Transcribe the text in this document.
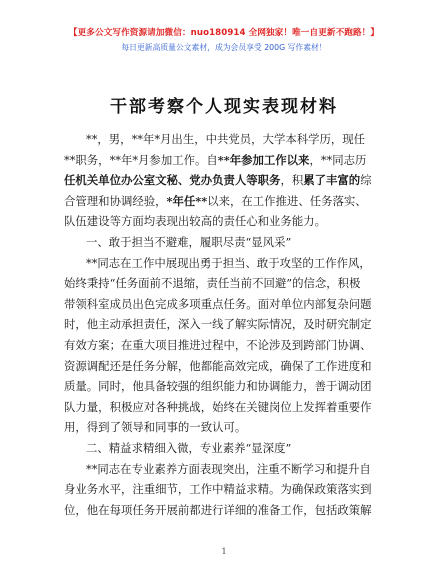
【更多公文写作资源请加微信：nuo180914 全网独家！唯一自更新不跑路！】
每日更新高质量公文素材，成为会员享受 200G 写作素材！
干部考察个人现实表现材料
**，男，**年*月出生，中共党员，大学本科学历，现任
**职务，**年*月参加工作。自**年参加工作以来，**同志历
任机关单位办公室文秘、党办负责人等职务，积累了丰富的综
合管理和协调经验，*年任**以来，在工作推进、任务落实、
队伍建设等方面均表现出较高的责任心和业务能力。
一、敢于担当不避难，履职尽责“显风采”
**同志在工作中展现出勇于担当、敢于攻坚的工作作风，
始终秉持“任务面前不退缩，责任当前不回避”的信念，积极
带领科室成员出色完成多项重点任务。面对单位内部复杂问题
时，他主动承担责任，深入一线了解实际情况，及时研究制定
有效方案；在重大项目推进过程中，不论涉及到跨部门协调、
资源调配还是任务分解，他都能高效完成，确保了工作进度和
质量。同时，他具备较强的组织能力和协调能力，善于调动团
队力量，积极应对各种挑战，始终在关键岗位上发挥着重要作
用，得到了领导和同事的一致认可。
二、精益求精细入微，专业素养“显深度”
**同志在专业素养方面表现突出，注重不断学习和提升自
身业务水平，注重细节，工作中精益求精。为确保政策落实到
位，他在每项任务开展前都进行详细的准备工作，包括政策解
1
